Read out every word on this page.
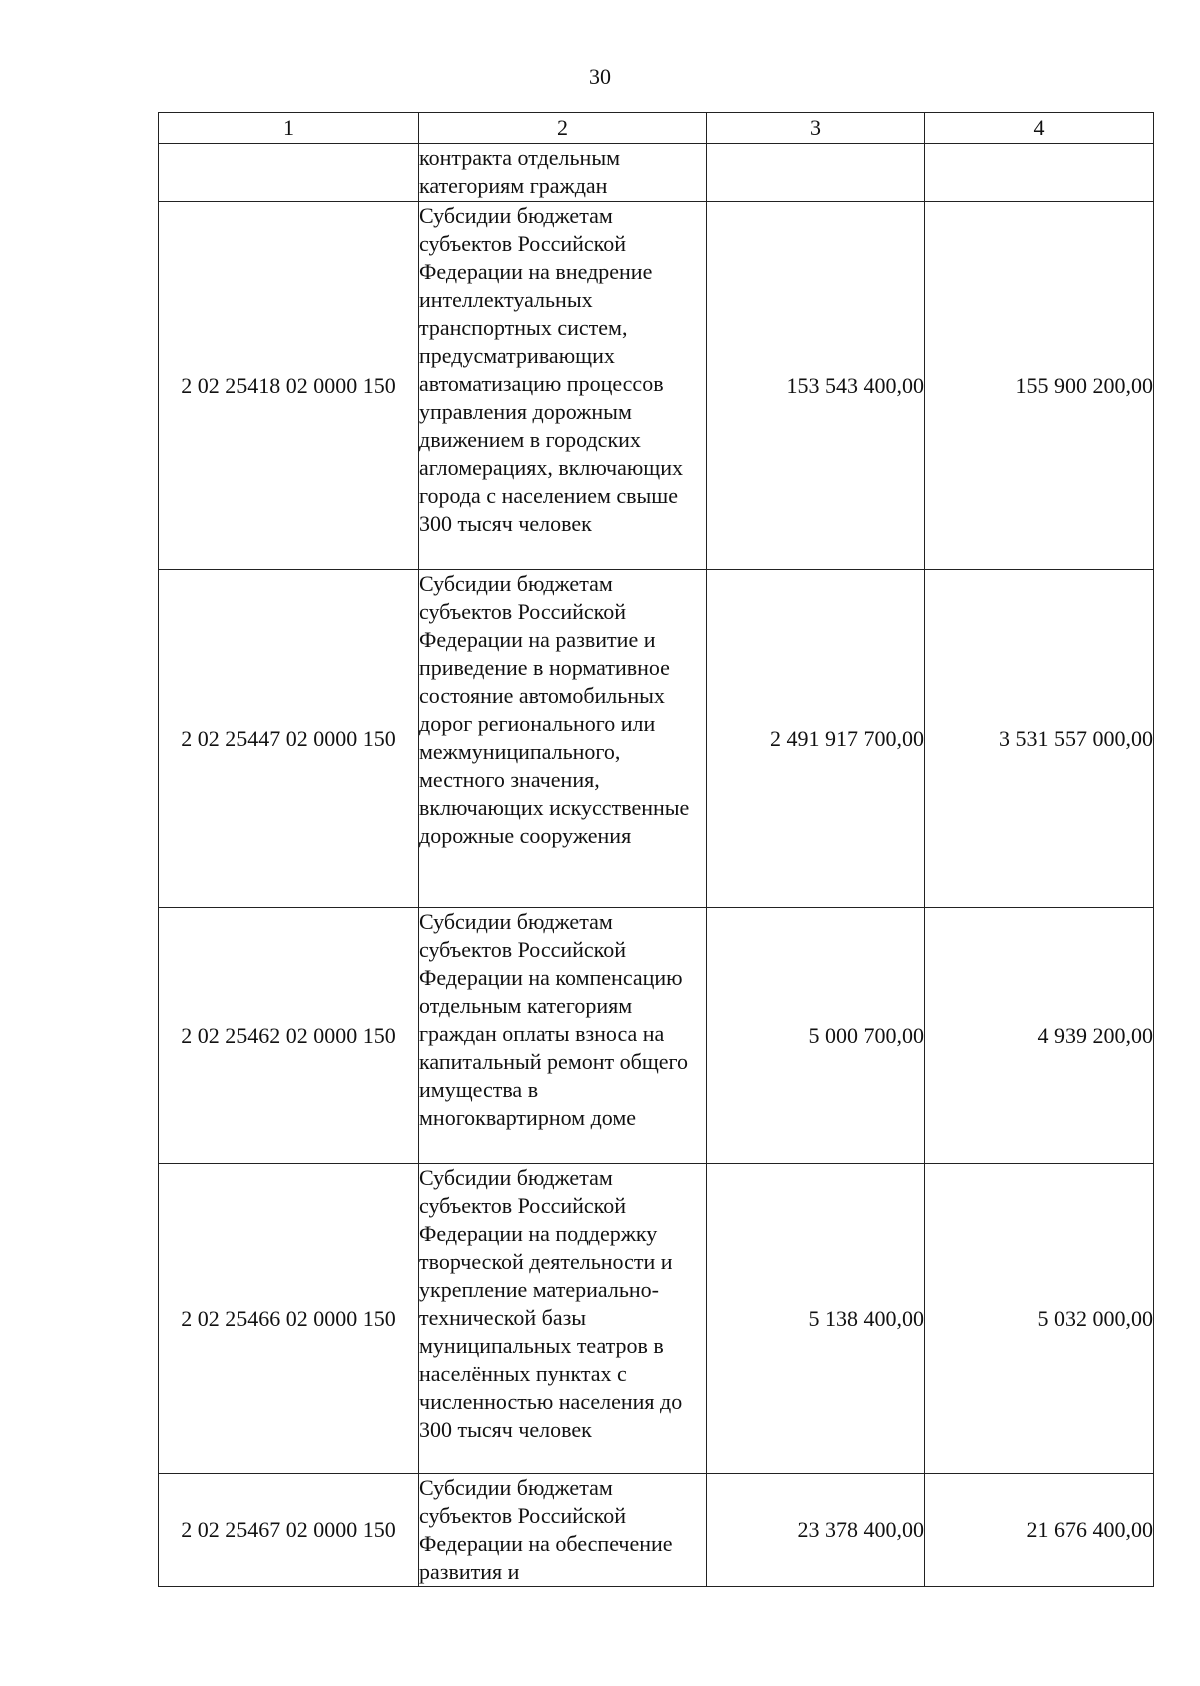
30
1	2	3	4
	контракта отдельным категориям граждан		
2 02 25418 02 0000 150	Субсидии бюджетам субъектов Российской Федерации на внедрение интеллектуальных транспортных систем, предусматривающих автоматизацию процессов управления дорожным движением в городских агломерациях, включающих города с населением свыше 300 тысяч человек	153 543 400,00	155 900 200,00
2 02 25447 02 0000 150	Субсидии бюджетам субъектов Российской Федерации на развитие и приведение в нормативное состояние автомобильных дорог регионального или межмуниципального, местного значения, включающих искусственные дорожные сооружения	2 491 917 700,00	3 531 557 000,00
2 02 25462 02 0000 150	Субсидии бюджетам субъектов Российской Федерации на компенсацию отдельным категориям граждан оплаты взноса на капитальный ремонт общего имущества в многоквартирном доме	5 000 700,00	4 939 200,00
2 02 25466 02 0000 150	Субсидии бюджетам субъектов Российской Федерации на поддержку творческой деятельности и укрепление материально-технической базы муниципальных театров в населённых пунктах с численностью населения до 300 тысяч человек	5 138 400,00	5 032 000,00
2 02 25467 02 0000 150	Субсидии бюджетам субъектов Российской Федерации на обеспечение развития и	23 378 400,00	21 676 400,00
